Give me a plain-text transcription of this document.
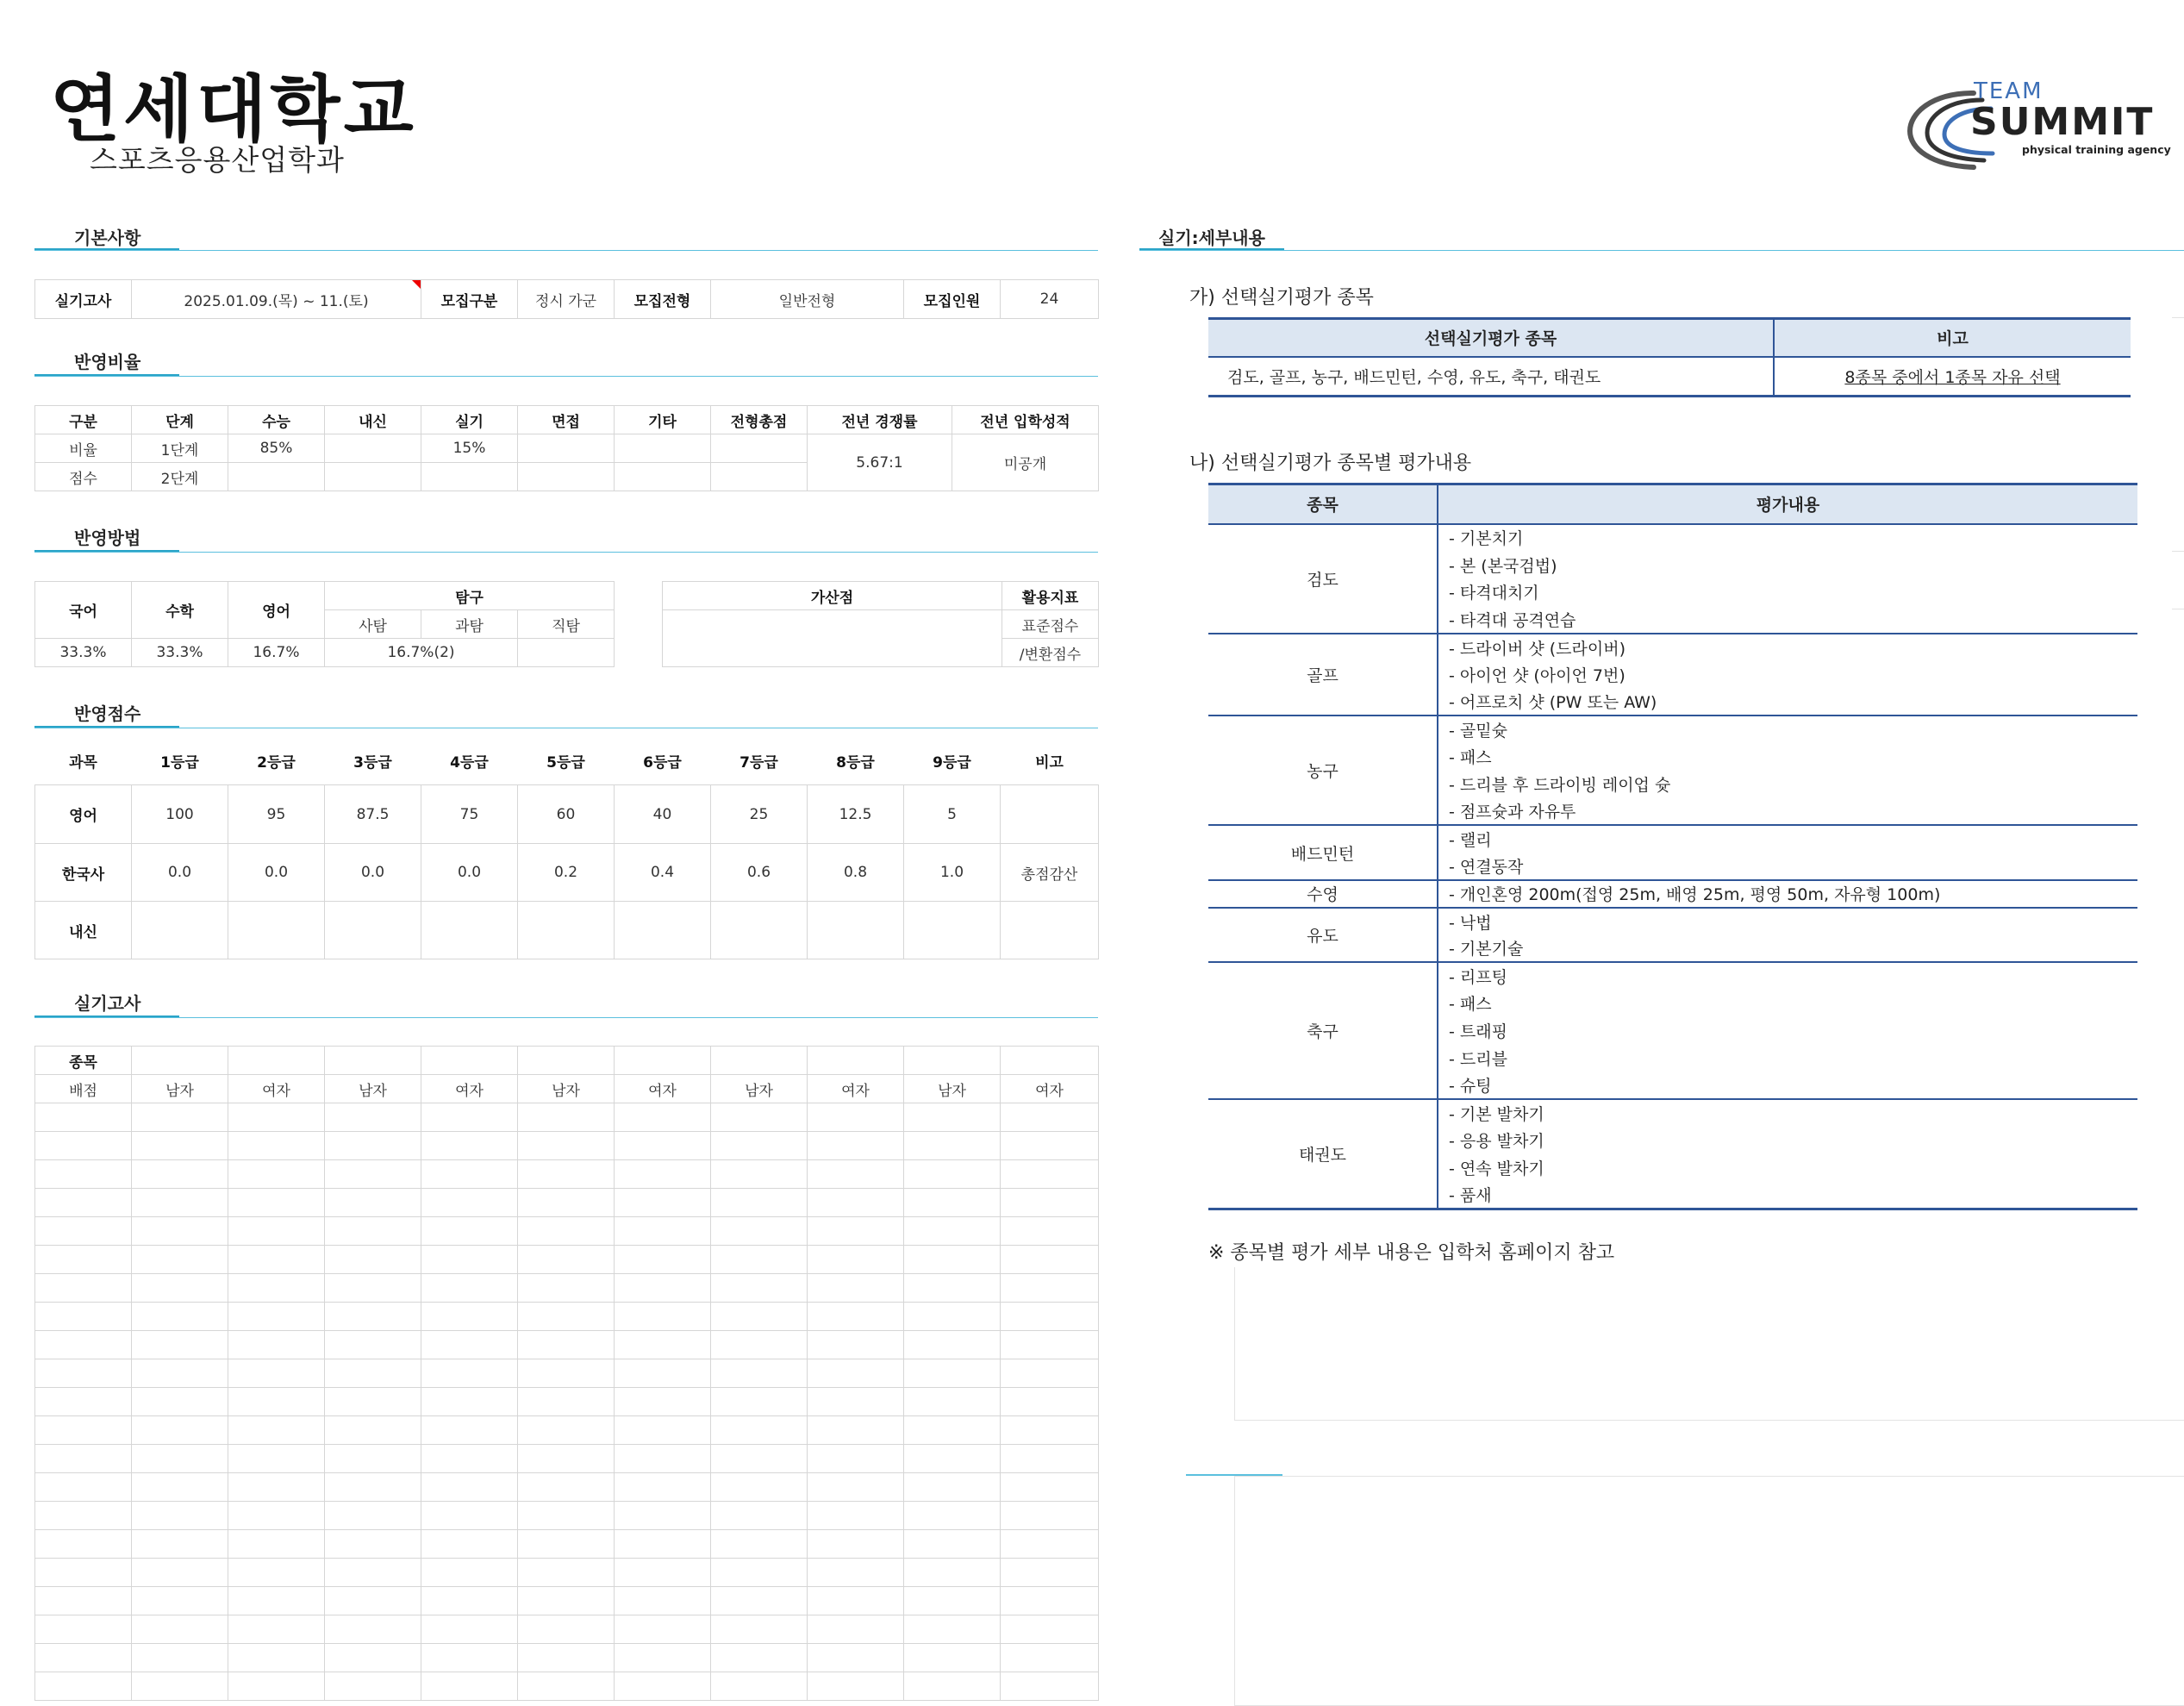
연세대학교
스포츠응용산업학과
TEAM
SUMMIT
physical training agency
기본사항
실기고사	2025.01.09.(목) ~ 11.(토)	모집구분	정시 가군	모집전형	일반전형	모집인원	24
반영비율
구분	단계	수능	내신	실기	면접	기타	전형총점	전년 경쟁률	전년 입학성적
비율	1단계	85%		15%				5.67:1	미공개
점수	2단계								
반영방법
국어	수학	영어	탐구		
			사탐	과탐	직탐
33.3%	33.3%	16.7%	16.7%(2)		
가산점	활용지표
	표준점수
	/변환점수
반영점수
과목	1등급	2등급	3등급	4등급	5등급	6등급	7등급	8등급	9등급	비고
영어	100	95	87.5	75	60	40	25	12.5	5	
한국사	0.0	0.0	0.0	0.0	0.2	0.4	0.6	0.8	1.0	총점감산
내신										
실기고사
종목										
배점	남자	여자	남자	여자	남자	여자	남자	여자	남자	여자

실기:세부내용
가) 선택실기평가 종목
선택실기평가 종목	비고
검도, 골프, 농구, 배드민턴, 수영, 유도, 축구, 태권도	8종목 중에서 1종목 자유 선택
나) 선택실기평가 종목별 평가내용
종목	평가내용
검도	- 기본치기
	- 본 (본국검법)
	- 타격대치기
	- 타격대 공격연습
골프	- 드라이버 샷 (드라이버)
	- 아이언 샷 (아이언 7번)
	- 어프로치 샷 (PW 또는 AW)
농구	- 골밑슛
	- 패스
	- 드리블 후 드라이빙 레이업 슛
	- 점프슛과 자유투
배드민턴	- 랠리
	- 연결동작
수영	- 개인혼영 200m(접영 25m, 배영 25m, 평영 50m, 자유형 100m)
유도	- 낙법
	- 기본기술
축구	- 리프팅
	- 패스
	- 트래핑
	- 드리블
	- 슈팅
태권도	- 기본 발차기
	- 응용 발차기
	- 연속 발차기
	- 품새
※ 종목별 평가 세부 내용은 입학처 홈페이지 참고
